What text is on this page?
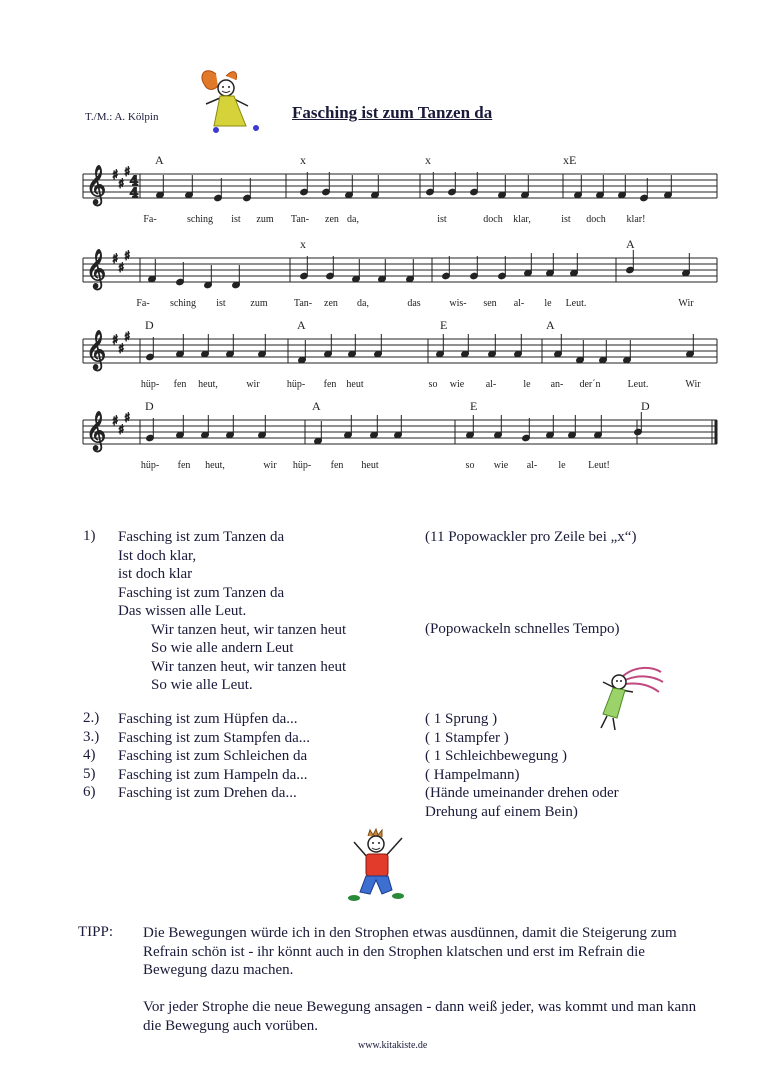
T./M.: A. Kölpin	Fasching ist zum Tanzen da
𝄞 ♯
♯
♯
4
4
𝄞 ♯
♯
♯
𝄞 ♯
♯
♯
𝄞 ♯
♯
♯
A	x	x	xE
x	A
D	A	E	A
D	A	E	D
Fa-	sching ist zum Tan- zen da,	ist	doch klar,	ist doch klar!
Fa- sching ist zum	Tan- zen da,	das	wis- sen al- le Leut.	Wir
hüp- fen heut,	wir	hüp- fen heut	so wie al-	le an- der´n	Leut.	Wir
hüp- fen heut,	wir hüp- fen heut	so wie al- le Leut!
1) Fasching ist zum Tanzen da
Ist doch klar,
ist doch klar
Fasching ist zum Tanzen da
Das wissen alle Leut.
Wir tanzen heut, wir tanzen heut
So wie alle andern Leut
Wir tanzen heut, wir tanzen heut
So wie alle Leut.
(11 Popowackler pro Zeile bei „x“)
(Popowackeln schnelles Tempo)
2.) Fasching ist zum Hüpfen da...	( 1 Sprung )
3.) Fasching ist zum Stampfen da...	( 1 Stampfer )
4) Fasching ist zum Schleichen da	( 1 Schleichbewegung )
5) Fasching ist zum Hampeln da...	( Hampelmann)
6) Fasching ist zum Drehen da...	(Hände umeinander drehen oder
Drehung auf einem Bein)
TIPP: Die Bewegungen würde ich in den Strophen etwas ausdünnen, damit die Steigerung zum Refrain schön ist - ihr könnt auch in den Strophen klatschen und erst im Refrain die Bewegung dazu machen.

Vor jeder Strophe die neue Bewegung ansagen - dann weiß jeder, was kommt und man kann die Bewegung auch vorüben.

www.kitakiste.de
